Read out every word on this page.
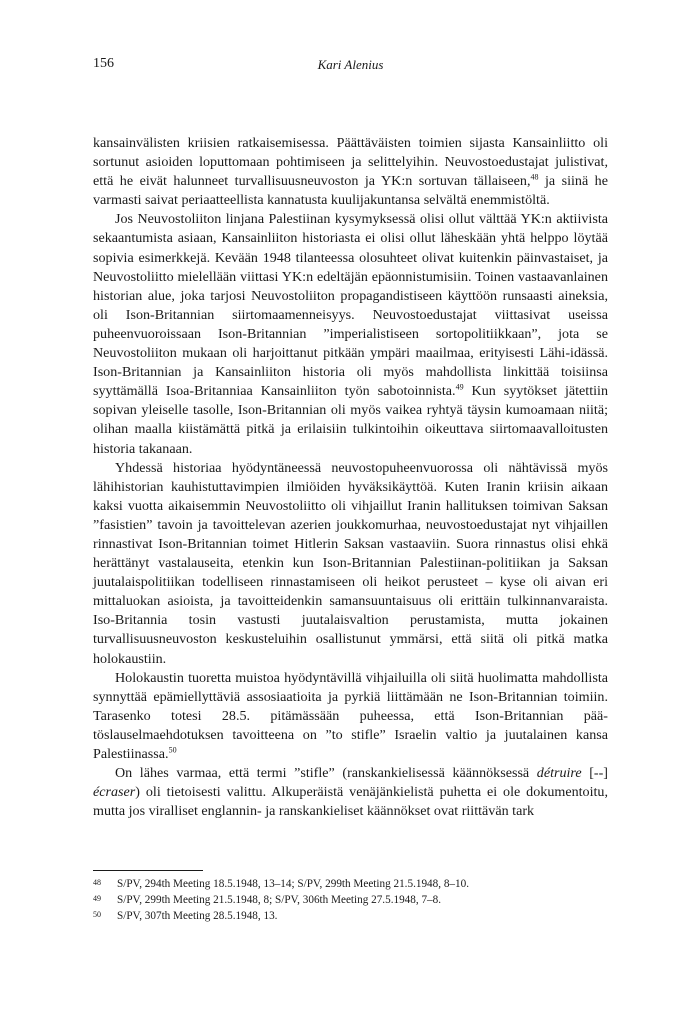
156	Kari Alenius

kansainvälisten kriisien ratkaisemisessa. Päättäväisten toimien sijasta Kansainliitto oli sortunut asioiden loputtomaan pohtimiseen ja selittelyihin. Neuvostoedustajat julistivat, että he eivät halunneet turvallisuusneuvoston ja YK:n sortuvan tällaiseen,$^{48}$ ja siinä he varmasti saivat periaatteellista kannatusta kuulijakuntansa selvältä enemmistöltä.

Jos Neuvostoliiton linjana Palestiinan kysymyksessä olisi ollut välttää YK:n aktiivista sekaantumista asiaan, Kansainliiton historiasta ei olisi ollut läheskään yhtä helppo löytää sopivia esimerkkejä. Kevään 1948 tilanteessa olosuhteet olivat kuitenkin päinvastaiset, ja Neuvostoliitto mielellään viittasi YK:n edeltäjän epäonnistumisiin. Toinen vastaavanlainen historian alue, joka tarjosi Neuvostoliiton propagandistiseen käyttöön runsaasti aineksia, oli Ison-Britannian siirtomaamenneisyys. Neuvostoedustajat viittasivat useissa puheenvuoroissaan Ison-Britannian ”imperialistiseen sortopolitiikkaan”, jota se Neuvostoliiton mukaan oli harjoittanut pitkään ympäri maailmaa, erityisesti Lähi-idässä. Ison-Britannian ja Kansainliiton historia oli myös mahdollista linkittää toisiinsa syyttämällä Isoa-Britanniaa Kansainliiton työn sabotoinnista.$^{49}$ Kun syytökset jätettiin sopivan yleiselle tasolle, Ison-Britannian oli myös vaikea ryhtyä täysin kumoamaan niitä; olihan maalla kiistämättä pitkä ja erilaisiin tulkintoihin oikeuttava siirtomaavalloitusten historia takanaan.

Yhdessä historiaa hyödyntäneessä neuvostopuheenvuorossa oli nähtävissä myös lähihistorian kauhistuttavimpien ilmiöiden hyväksikäyttöä. Kuten Iranin kriisin aikaan kaksi vuotta aikaisemmin Neuvostoliitto oli vihjaillut Iranin hallituksen toimivan Saksan ”fasistien” tavoin ja tavoittelevan azerien joukkomurhaa, neuvostoedustajat nyt vihjaillen rinnastivat Ison-Britannian toimet Hitlerin Saksan vastaaviin. Suora rinnastus olisi ehkä herättänyt vastalauseita, etenkin kun Ison-Britannian Palestiinan-politiikan ja Saksan juutalaispolitiikan todelliseen rinnastamiseen oli heikot perusteet – kyse oli aivan eri mittaluokan asioista, ja tavoitteidenkin samansuuntaisuus oli erittäin tulkinnanvaraista. Iso-Britannia tosin vastusti juutalaisvaltion perustamista, mutta jokainen turvallisuusneuvoston keskusteluihin osallistunut ymmärsi, että siitä oli pitkä matka holokaustiin.

Holokaustin tuoretta muistoa hyödyntävillä vihjailuilla oli siitä huolimatta mahdollista synnyttää epämiellyttäviä assosiaatioita ja pyrkiä liittämään ne Ison-Britannian toimiin. Tarasenko totesi 28.5. pitämässään puheessa, että Ison-Britannian päätöslauselmaehdotuksen tavoitteena on ”to stifle” Israelin valtio ja juutalainen kansa Palestiinassa.$^{50}$

On lähes varmaa, että termi ”stifle” (ranskankielisessä käännöksessä détruire [--] écraser) oli tietoisesti valittu. Alkuperäistä venäjänkielistä puhetta ei ole dokumentoitu, mutta jos viralliset englannin- ja ranskankieliset käännökset ovat riittävän tark

48	S/PV, 294th Meeting 18.5.1948, 13–14; S/PV, 299th Meeting 21.5.1948, 8–10.
49	S/PV, 299th Meeting 21.5.1948, 8; S/PV, 306th Meeting 27.5.1948, 7–8.
50	S/PV, 307th Meeting 28.5.1948, 13.
